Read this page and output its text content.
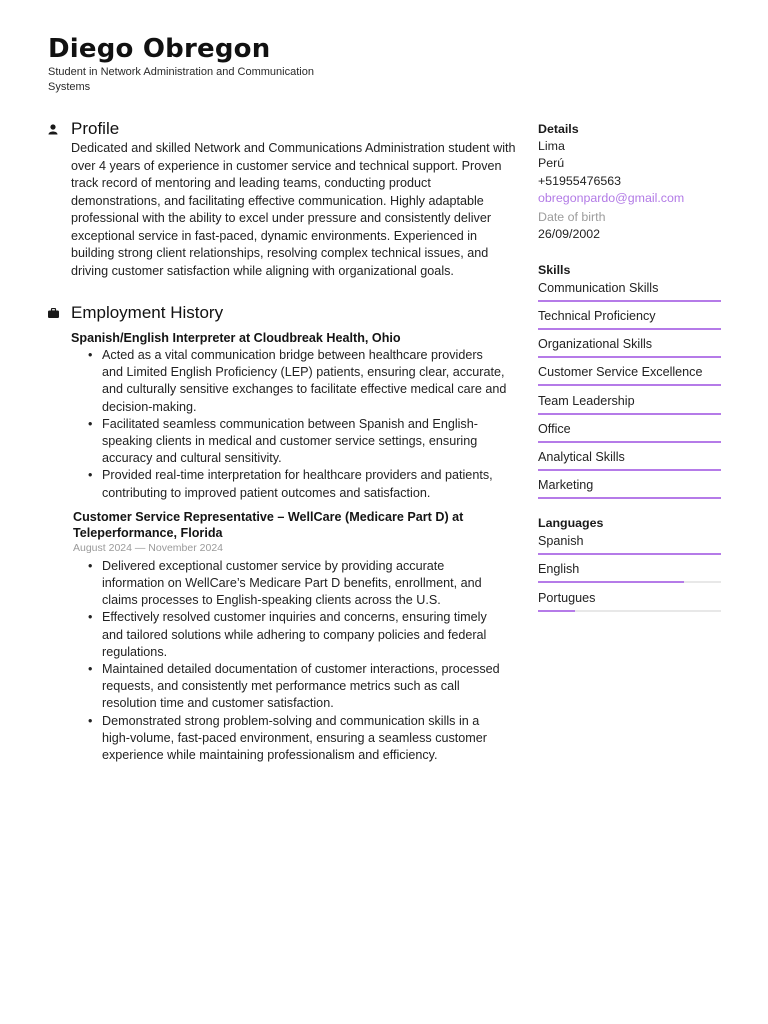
Diego Obregon
Student in Network Administration and Communication Systems
Profile
Dedicated and skilled Network and Communications Administration student with over 4 years of experience in customer service and technical support. Proven track record of mentoring and leading teams, conducting product demonstrations, and facilitating effective communication. Highly adaptable professional with the ability to excel under pressure and consistently deliver exceptional service in fast-paced, dynamic environments. Experienced in building strong client relationships, resolving complex technical issues, and driving customer satisfaction while aligning with organizational goals.
Employment History
Spanish/English Interpreter at Cloudbreak Health, Ohio
• Acted as a vital communication bridge between healthcare providers and Limited English Proficiency (LEP) patients, ensuring clear, accurate, and culturally sensitive exchanges to facilitate effective medical care and decision-making.
• Facilitated seamless communication between Spanish and English-speaking clients in medical and customer service settings, ensuring accuracy and cultural sensitivity.
• Provided real-time interpretation for healthcare providers and patients, contributing to improved patient outcomes and satisfaction.
Customer Service Representative – WellCare (Medicare Part D) at Teleperformance, Florida
August 2024 — November 2024
• Delivered exceptional customer service by providing accurate information on WellCare’s Medicare Part D benefits, enrollment, and claims processes to English-speaking clients across the U.S.
• Effectively resolved customer inquiries and concerns, ensuring timely and tailored solutions while adhering to company policies and federal regulations.
• Maintained detailed documentation of customer interactions, processed requests, and consistently met performance metrics such as call resolution time and customer satisfaction.
• Demonstrated strong problem-solving and communication skills in a high-volume, fast-paced environment, ensuring a seamless customer experience while maintaining professionalism and efficiency.
Details
Lima
Perú
+51955476563
obregonpardo@gmail.com
Date of birth
26/09/2002
Skills
Communication Skills
Technical Proficiency
Organizational Skills
Customer Service Excellence
Team Leadership
Office
Analytical Skills
Marketing
Languages
Spanish
English
Portugues
